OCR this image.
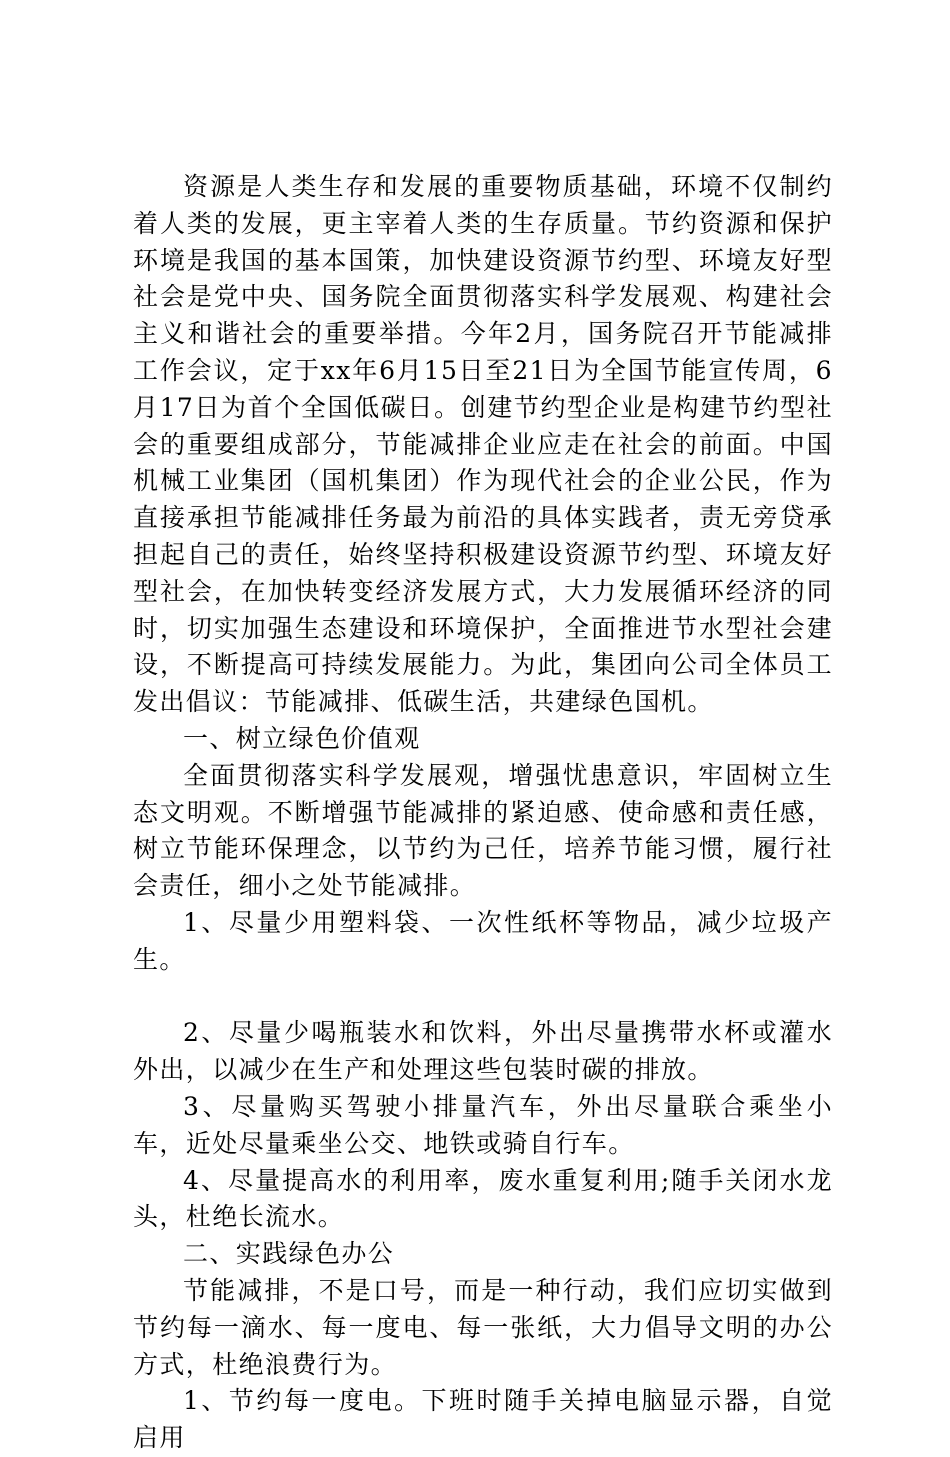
资源是人类生存和发展的重要物质基础，环境不仅制约着人类的发展，更主宰着人类的生存质量。节约资源和保护环境是我国的基本国策，加快建设资源节约型、环境友好型社会是党中央、国务院全面贯彻落实科学发展观、构建社会主义和谐社会的重要举措。今年2月，国务院召开节能减排工作会议，定于xx年6月15日至21日为全国节能宣传周，6月17日为首个全国低碳日。创建节约型企业是构建节约型社会的重要组成部分，节能减排企业应走在社会的前面。中国机械工业集团（国机集团）作为现代社会的企业公民，作为直接承担节能减排任务最为前沿的具体实践者，责无旁贷承担起自己的责任，始终坚持积极建设资源节约型、环境友好型社会，在加快转变经济发展方式，大力发展循环经济的同时，切实加强生态建设和环境保护，全面推进节水型社会建设，不断提高可持续发展能力。为此，集团向公司全体员工发出倡议：节能减排、低碳生活，共建绿色国机。

一、树立绿色价值观

全面贯彻落实科学发展观，增强忧患意识，牢固树立生态文明观。不断增强节能减排的紧迫感、使命感和责任感，树立节能环保理念，以节约为己任，培养节能习惯，履行社会责任，细小之处节能减排。

1、尽量少用塑料袋、一次性纸杯等物品，减少垃圾产生。

2、尽量少喝瓶装水和饮料，外出尽量携带水杯或灌水外出，以减少在生产和处理这些包装时碳的排放。

3、尽量购买驾驶小排量汽车，外出尽量联合乘坐小车，近处尽量乘坐公交、地铁或骑自行车。

4、尽量提高水的利用率，废水重复利用;随手关闭水龙头，杜绝长流水。

二、实践绿色办公

节能减排，不是口号，而是一种行动，我们应切实做到节约每一滴水、每一度电、每一张纸，大力倡导文明的办公方式，杜绝浪费行为。

1、节约每一度电。下班时随手关掉电脑显示器，自觉启用
